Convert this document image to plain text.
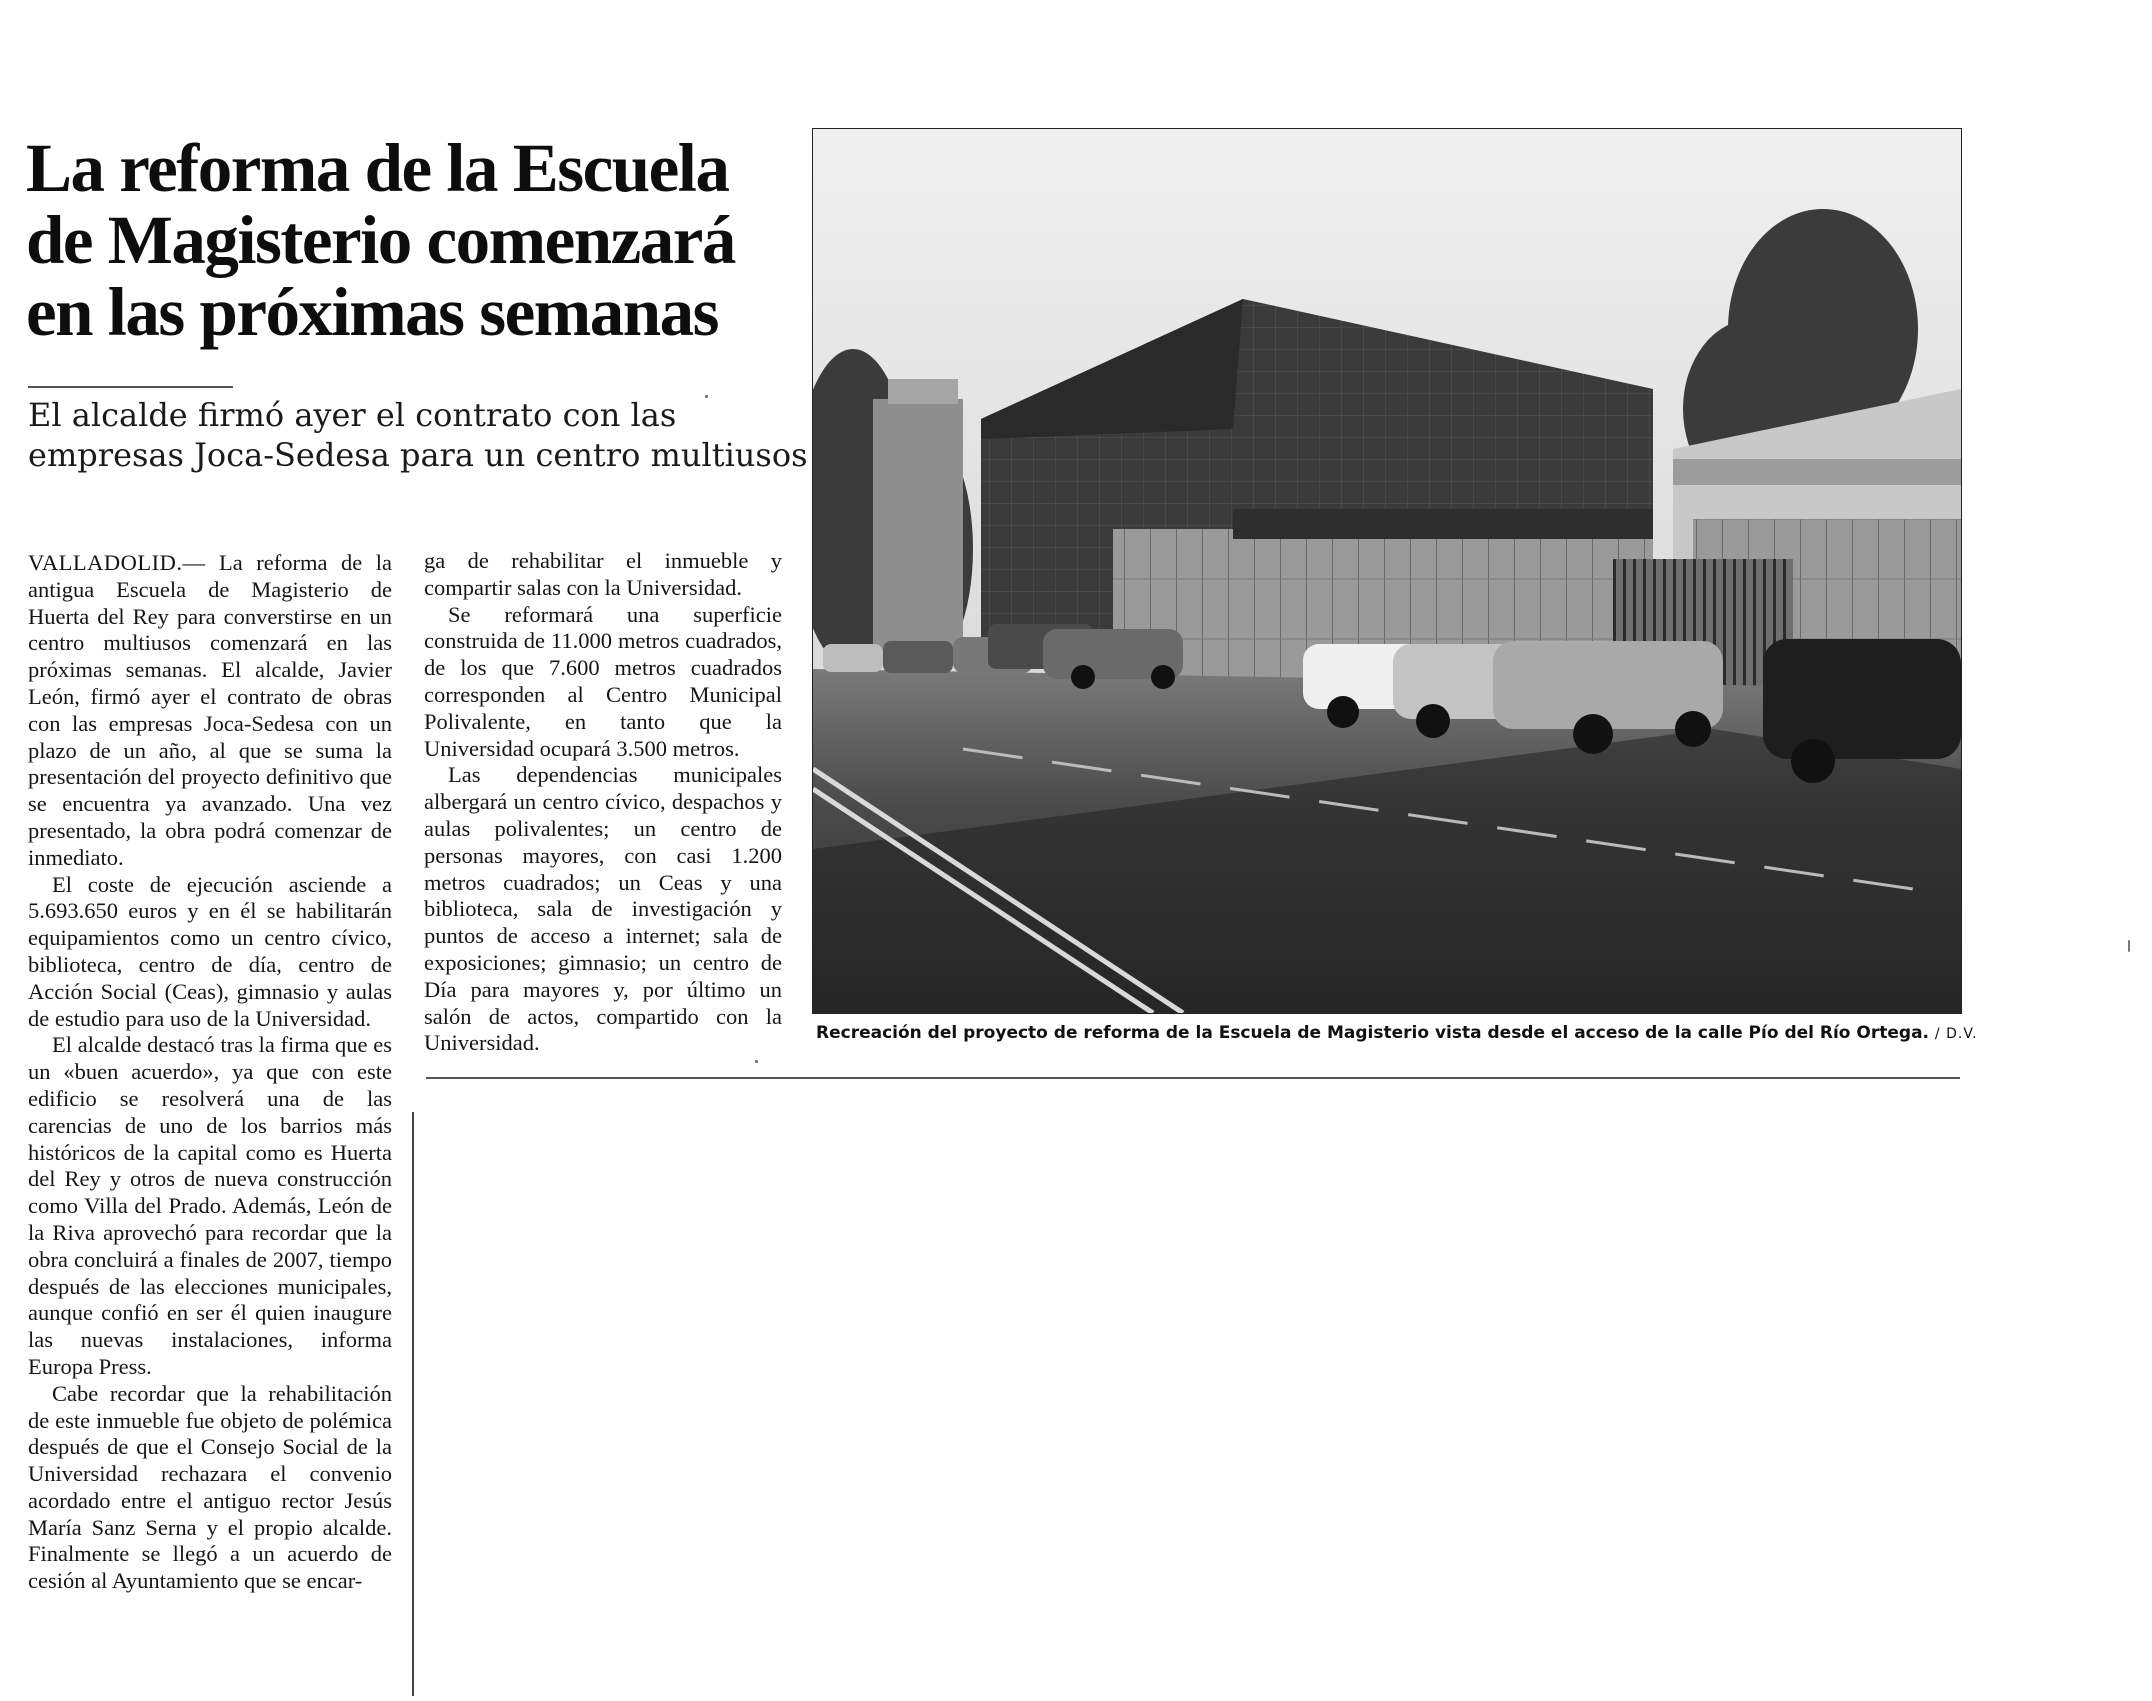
La reforma de la Escuela
de Magisterio comenzará
en las próximas semanas
El alcalde firmó ayer el contrato con las
empresas Joca-Sedesa para un centro multiusos

VALLADOLID.— La reforma de la antigua Escuela de Magisterio de Huerta del Rey para converstirse en un centro multiusos comenzará en las próximas semanas. El alcalde, Javier León, firmó ayer el contrato de obras con las empresas Joca-Sedesa con un plazo de un año, al que se suma la presentación del proyecto definitivo que se encuentra ya avanzado. Una vez presentado, la obra podrá comenzar de inmediato.

El coste de ejecución asciende a 5.693.650 euros y en él se habilitarán equipamientos como un centro cívico, biblioteca, centro de día, centro de Acción Social (Ceas), gimnasio y aulas de estudio para uso de la Universidad.

El alcalde destacó tras la firma que es un «buen acuerdo», ya que con este edificio se resolverá una de las carencias de uno de los barrios más históricos de la capital como es Huerta del Rey y otros de nueva construcción como Villa del Prado. Además, León de la Riva aprovechó para recordar que la obra concluirá a finales de 2007, tiempo después de las elecciones municipales, aunque confió en ser él quien inaugure las nuevas instalaciones, informa Europa Press.

Cabe recordar que la rehabilitación de este inmueble fue objeto de polémica después de que el Consejo Social de la Universidad rechazara el convenio acordado entre el antiguo rector Jesús María Sanz Serna y el propio alcalde. Finalmente se llegó a un acuerdo de cesión al Ayuntamiento que se encar-

ga de rehabilitar el inmueble y compartir salas con la Universidad.

Se reformará una superficie construida de 11.000 metros cuadrados, de los que 7.600 metros cuadrados corresponden al Centro Municipal Polivalente, en tanto que la Universidad ocupará 3.500 metros.

Las dependencias municipales albergará un centro cívico, despachos y aulas polivalentes; un centro de personas mayores, con casi 1.200 metros cuadrados; un Ceas y una biblioteca, sala de investigación y puntos de acceso a internet; sala de exposiciones; gimnasio; un centro de Día para mayores y, por último un salón de actos, compartido con la Universidad.	Recreación del proyecto de reforma de la Escuela de Magisterio vista desde el acceso de la calle Pío del Río Ortega. / D.V.
